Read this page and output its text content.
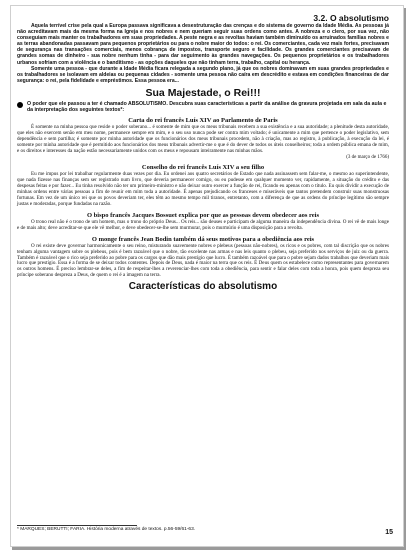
3.2. O absolutismo

Aquela terrível crise pela qual a Europa passava significava a desestruturação das crenças e do sistema de governo da Idade Média. As pessoas já não acreditavam mais da mesma forma na Igreja e nos nobres e nem queriam seguir suas ordens como antes. A nobreza e o clero, por sua vez, não conseguiam mais manter os trabalhadores em suas propriedades. A peste negra e as revoltas haviam também diminuído os arruinados famílias nobres e as terras abandonadas passavam para pequenos proprietários ou para o nobre maior do todos: o rei. Os comerciantes, cada vez mais fortes, precisavam de segurança nas transações comerciais, menos cobrança de impostos, transporte seguro e facilidade. Os grandes comerciantes precisavam de grandes somas de dinheiro - sua nobre nenhum tinha - para dar seguimento às grandes navegações. Os pequenos proprietários e os trabalhadores urbanos sofriam com a violência e o banditismo - as opções daqueles que não tinham terra, trabalho, capital ou herança.

Somente uma pessoa - que durante a Idade Média ficara relegada a segundo plano, já que os nobres dominavam em suas grandes propriedades e os trabalhadores se isolavam em aldeias ou pequenas cidades - somente uma pessoa não caíra em descrédito e estava em condições financeiras de dar segurança: o rei, pela fidelidade e empréstimos. Essa pessoa era...

Sua Majestade, o Rei!!!
O poder que ele passou a ter é chamado ABSOLUTISMO. Descubra suas características a partir da análise da gravura projetada em sala da aula e da interpretação dos seguintes textos*:
Carta do rei francês Luís XIV ao Parlamento de Paris

É somente na minha pessoa que reside o poder soberano... é somente de mim que os meus tribunais recebem a sua existência e a sua autoridade; a plenitude desta autoridade, que eles não exercem senão em meu nome, permanece sempre em mim, e o seu uso nunca pode ser contra mim voltado; é unicamente a mim que pertence o poder legislativo, sem dependência e sem partilha; é somente por minha autoridade que os funcionários dos meus tribunais procedem, não à criação, mas ao registro, à publicação, à execução da lei, é somente por minha autoridade que é permitido aos funcionários dos meus tribunais advertir-me o que é do dever de todos os úteis conselheiros; toda a ordem pública emana de mim, e os direitos e interesses da nação estão necessariamente unidos com os meus e repousam inteiramente nas minhas mãos.

(3 de março de 1766)
Conselho do rei francês Luís XIV a seu filho

Eu me impus por lei trabalhar regularmente duas vezes por dia. Eu ordenei aos quatro secretários de Estado que nada assinassem sem falar-me, o mesmo ao superintendente, que nada fizesse nas finanças sem ser registrado num livro, que deveria permanecer comigo, ou eu pudesse em qualquer momento ver, rapidamente, a situação do crédito e das despesas feitas e por fazer... Eu tinha resolvido não ter um primeiro-ministro e não deixar outro exercer a função de rei, ficando eu apenas com o título. Eu quis dividir a execução de minhas ordens entre várias pessoas a fim de reunir em mim toda a autoridade. É apenas prejudicando os franceses e miseráveis que tantos pretendem construir suas monstruosas fortunas. Em vez de um único rei que os povos deveriam ter, eles têm ao mesmo tempo mil tiranos, entretanto, com a diferença de que as ordens do príncipe legítimo são sempre justas e moderadas, porque fundadas na razão.

O bispo francês Jacques Bossuet explica por que as pessoas devem obedecer aos reis

O trono real não é o trono de um homem, mas o trono do próprio Deus... Os reis... são deuses e participam de alguma maneira da independência divina. O rei vê de mais longe e de mais alto; deve acreditar-se que ele vê melhor, e deve obedecer-se-lhe sem murmurar, pois o murmúrio é uma disposição para a revolta.

O monge francês Jean Bodin também dá seus motivos para a obediência aos reis

O rei existe deve governar harmonicamente o seu reino, misturando suavemente nobres e plebeus (pessoas não-nobres), os ricos e os pobres, com tal discrição que os nobres tenham alguma vantagem sobre os plebeus, pois é bem razoável que o nobre, tão excelente nas armas e nas leis quanto o plebeu, seja preferido nos serviços de juiz ou da guerra. Também é razoável que o rico seja preferido ao pobre para os cargos que dão mais prestígio que lucro. É também razoável que para o pobre sejam dados trabalhos que deveriam mais lucro que prestígio. Essa é a forma de se deixar todos contentes. Depois de Deus, nada é maior na terra que os reis. É Deus quem os estabelece como representantes para governarem os outros homens. É preciso lembrar-se deles, a fim de respeitar-lhes a reverenciar-lhes com toda a obediência, para sentir e falar deles com toda a honra, pois quem despreza seu príncipe soberano despreza a Deus, de quem o rei é a imagem na terra.

Características do absolutismo
* MARQUES; BERUTTI; FARIA. História moderna através de textos. p.56-59/61-63.	15
